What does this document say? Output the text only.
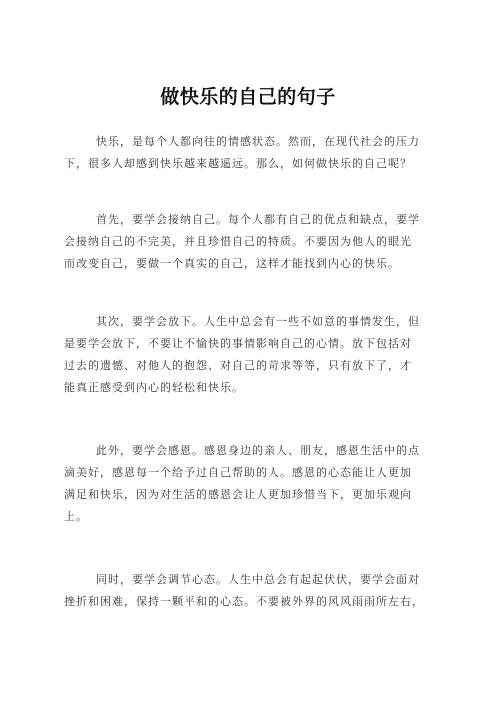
做快乐的自己的句子
快乐，是每个人都向往的情感状态。然而，在现代社会的压力
下，很多人却感到快乐越来越遥远。那么，如何做快乐的自己呢？
首先，要学会接纳自己。每个人都有自己的优点和缺点，要学
会接纳自己的不完美，并且珍惜自己的特质。不要因为他人的眼光
而改变自己，要做一个真实的自己，这样才能找到内心的快乐。
其次，要学会放下。人生中总会有一些不如意的事情发生，但
是要学会放下，不要让不愉快的事情影响自己的心情。放下包括对
过去的遗憾、对他人的抱怨、对自己的苛求等等，只有放下了，才
能真正感受到内心的轻松和快乐。
此外，要学会感恩。感恩身边的亲人、朋友，感恩生活中的点
滴美好，感恩每一个给予过自己帮助的人。感恩的心态能让人更加
满足和快乐，因为对生活的感恩会让人更加珍惜当下，更加乐观向
上。
同时，要学会调节心态。人生中总会有起起伏伏，要学会面对
挫折和困难，保持一颗平和的心态。不要被外界的风风雨雨所左右，
